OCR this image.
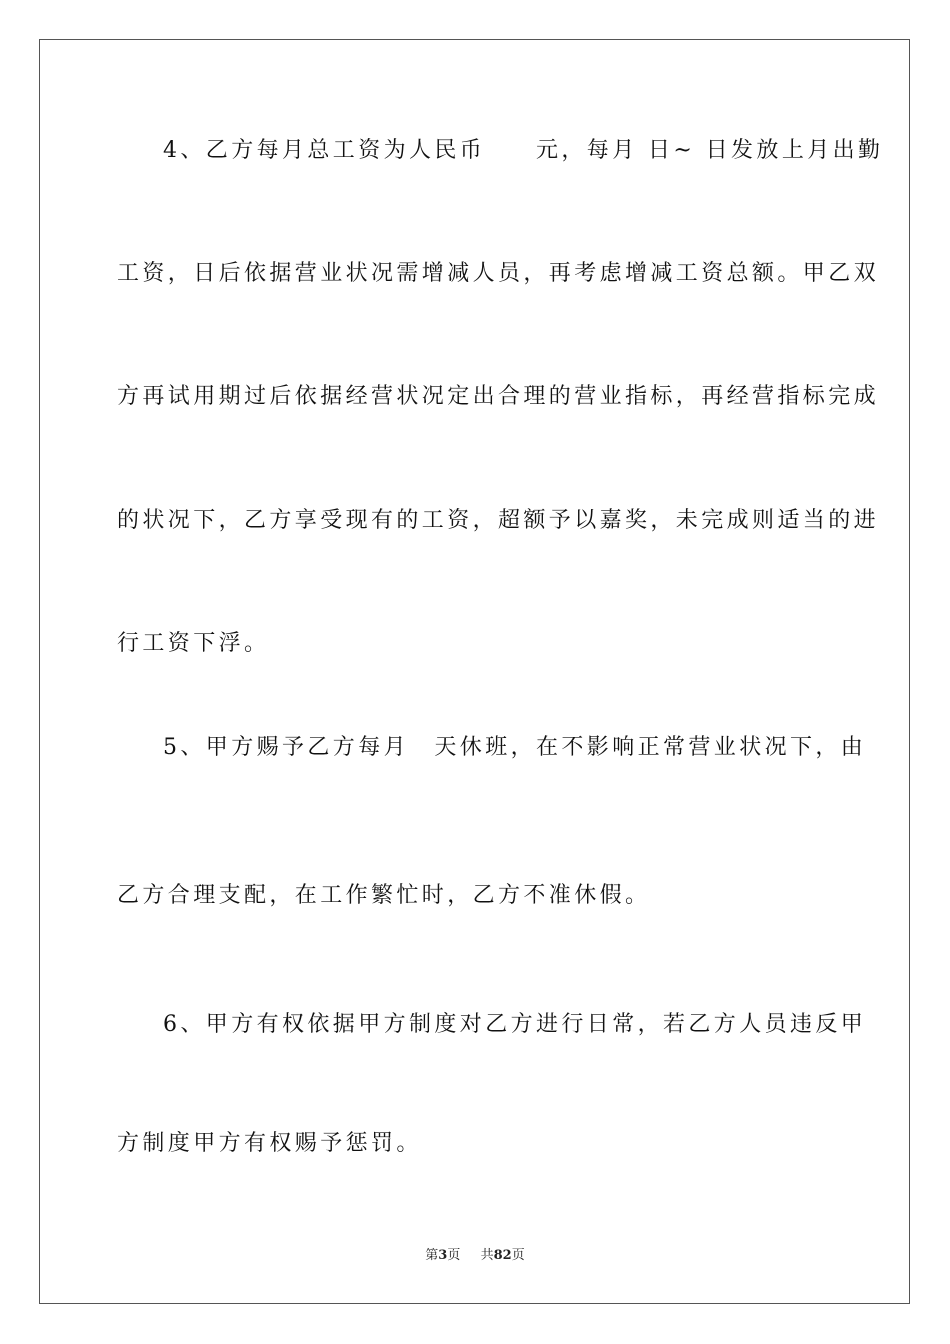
4、乙方每月总工资为人民币　　元，每月 日~ 日发放上月出勤
工资，日后依据营业状况需增减人员，再考虑增减工资总额。甲乙双
方再试用期过后依据经营状况定出合理的营业指标，再经营指标完成
的状况下，乙方享受现有的工资，超额予以嘉奖，未完成则适当的进
行工资下浮。
5、甲方赐予乙方每月　天休班，在不影响正常营业状况下，由
乙方合理支配，在工作繁忙时，乙方不准休假。
6、甲方有权依据甲方制度对乙方进行日常，若乙方人员违反甲
方制度甲方有权赐予惩罚。
第3页 共82页
